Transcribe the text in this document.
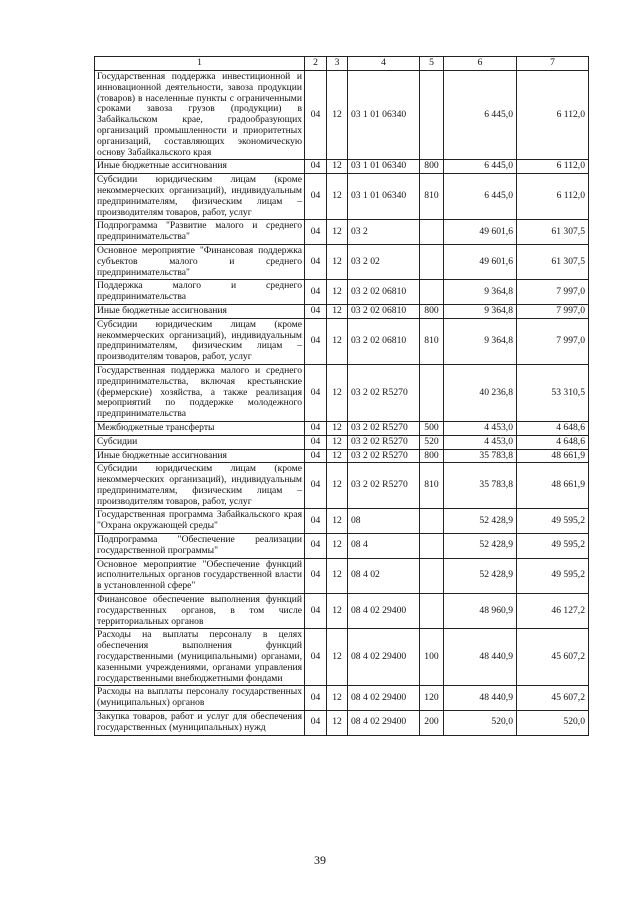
1	2	3	4	5	6	7
Государственная поддержка инвестиционной и инновационной деятельности, завоза продукции (товаров) в населенные пункты с ограниченными сроками завоза грузов (продукции) в Забайкальском крае, градообразующих организаций промышленности и приоритетных организаций, составляющих экономическую основу Забайкальского края	04	12	03 1 01 06340		6 445,0	6 112,0
Иные бюджетные ассигнования	04	12	03 1 01 06340	800	6 445,0	6 112,0
Субсидии юридическим лицам (кроме некоммерческих организаций), индивидуальным предпринимателям, физическим лицам – производителям товаров, работ, услуг	04	12	03 1 01 06340	810	6 445,0	6 112,0
Подпрограмма "Развитие малого и среднего предпринимательства"	04	12	03 2		49 601,6	61 307,5
Основное мероприятие "Финансовая поддержка субъектов малого и среднего предпринимательства"	04	12	03 2 02		49 601,6	61 307,5
Поддержка малого и среднего предпринимательства	04	12	03 2 02 06810		9 364,8	7 997,0
Иные бюджетные ассигнования	04	12	03 2 02 06810	800	9 364,8	7 997,0
Субсидии юридическим лицам (кроме некоммерческих организаций), индивидуальным предпринимателям, физическим лицам – производителям товаров, работ, услуг	04	12	03 2 02 06810	810	9 364,8	7 997,0
Государственная поддержка малого и среднего предпринимательства, включая крестьянские (фермерские) хозяйства, а также реализация мероприятий по поддержке молодежного предпринимательства	04	12	03 2 02 R5270		40 236,8	53 310,5
Межбюджетные трансферты	04	12	03 2 02 R5270	500	4 453,0	4 648,6
Субсидии	04	12	03 2 02 R5270	520	4 453,0	4 648,6
Иные бюджетные ассигнования	04	12	03 2 02 R5270	800	35 783,8	48 661,9
Субсидии юридическим лицам (кроме некоммерческих организаций), индивидуальным предпринимателям, физическим лицам – производителям товаров, работ, услуг	04	12	03 2 02 R5270	810	35 783,8	48 661,9
Государственная программа Забайкальского края "Охрана окружающей среды"	04	12	08		52 428,9	49 595,2
Подпрограмма "Обеспечение реализации государственной программы"	04	12	08 4		52 428,9	49 595,2
Основное мероприятие "Обеспечение функций исполнительных органов государственной власти в установленной сфере"	04	12	08 4 02		52 428,9	49 595,2
Финансовое обеспечение выполнения функций государственных органов, в том числе территориальных органов	04	12	08 4 02 29400		48 960,9	46 127,2
Расходы на выплаты персоналу в целях обеспечения выполнения функций государственными (муниципальными) органами, казенными учреждениями, органами управления государственными внебюджетными фондами	04	12	08 4 02 29400	100	48 440,9	45 607,2
Расходы на выплаты персоналу государственных (муниципальных) органов	04	12	08 4 02 29400	120	48 440,9	45 607,2
Закупка товаров, работ и услуг для обеспечения государственных (муниципальных) нужд	04	12	08 4 02 29400	200	520,0	520,0
39
